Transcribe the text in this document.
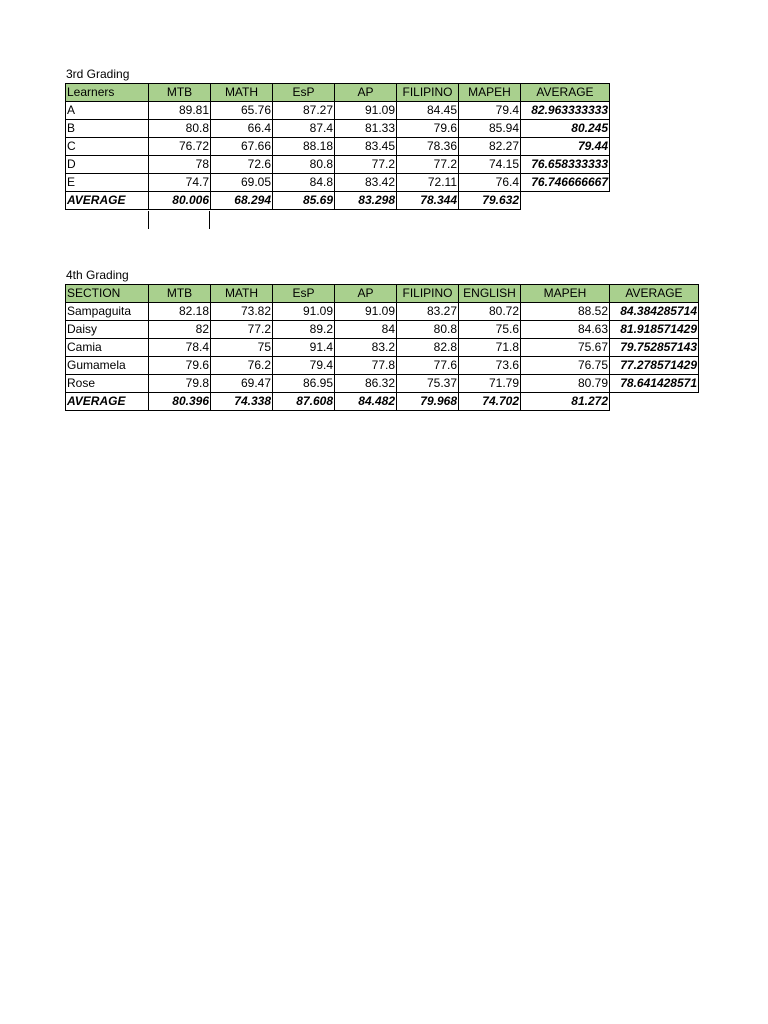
3rd Grading
Learners	MTB	MATH	EsP	AP	FILIPINO	MAPEH	AVERAGE
A	89.81	65.76	87.27	91.09	84.45	79.4	82.963333333
B	80.8	66.4	87.4	81.33	79.6	85.94	80.245
C	76.72	67.66	88.18	83.45	78.36	82.27	79.44
D	78	72.6	80.8	77.2	77.2	74.15	76.658333333
E	74.7	69.05	84.8	83.42	72.11	76.4	76.746666667
AVERAGE	80.006	68.294	85.69	83.298	78.344	79.632	
4th Grading
SECTION	MTB	MATH	EsP	AP	FILIPINO	ENGLISH	MAPEH	AVERAGE
Sampaguita	82.18	73.82	91.09	91.09	83.27	80.72	88.52	84.384285714
Daisy	82	77.2	89.2	84	80.8	75.6	84.63	81.918571429
Camia	78.4	75	91.4	83.2	82.8	71.8	75.67	79.752857143
Gumamela	79.6	76.2	79.4	77.8	77.6	73.6	76.75	77.278571429
Rose	79.8	69.47	86.95	86.32	75.37	71.79	80.79	78.641428571
AVERAGE	80.396	74.338	87.608	84.482	79.968	74.702	81.272	
